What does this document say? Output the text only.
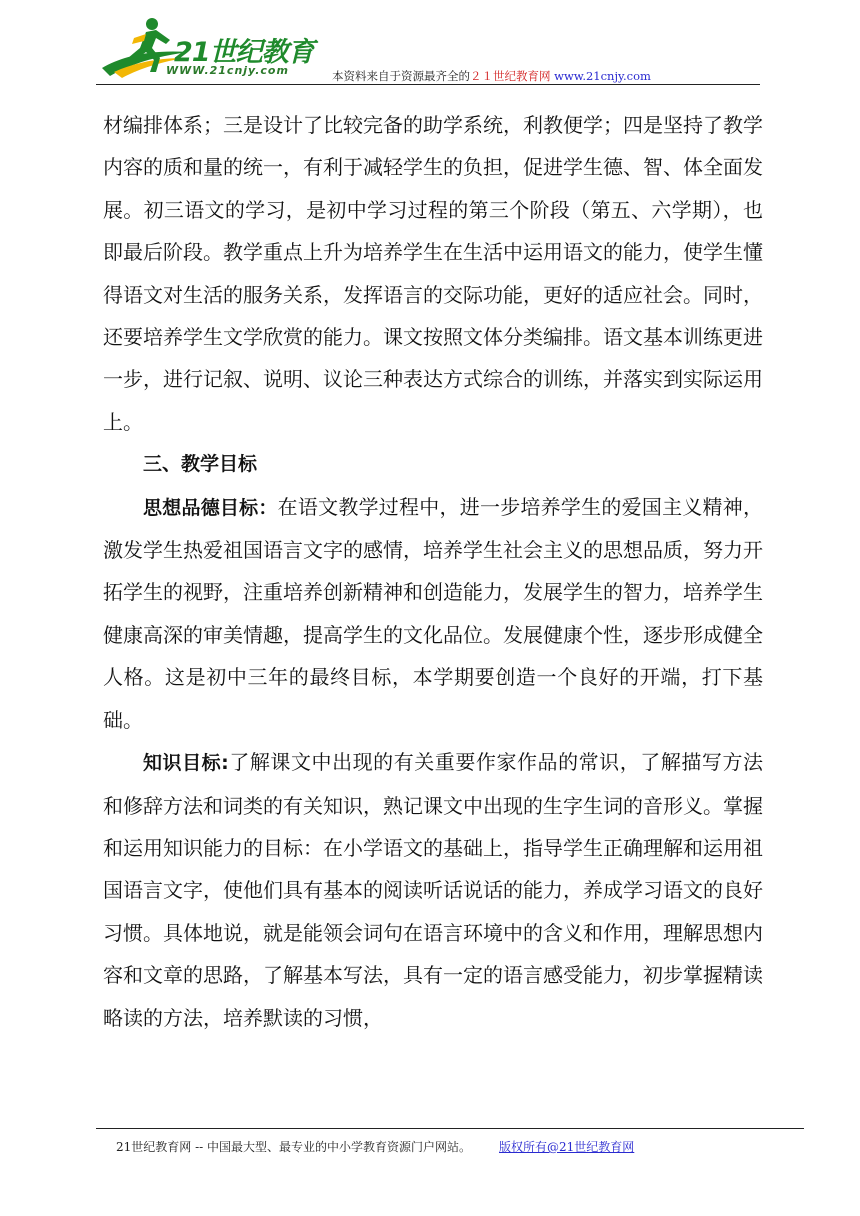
21世纪教育
WWW.21cnjy.com	本资料来自于资源最齐全的２１世纪教育网 www.21cnjy.com

材编排体系；三是设计了比较完备的助学系统，利教便学；四是坚持了教学内容的质和量的统一，有利于减轻学生的负担，促进学生德、智、体全面发展。初三语文的学习，是初中学习过程的第三个阶段（第五、六学期），也即最后阶段。教学重点上升为培养学生在生活中运用语文的能力，使学生懂得语文对生活的服务关系，发挥语言的交际功能，更好的适应社会。同时，还要培养学生文学欣赏的能力。课文按照文体分类编排。语文基本训练更进一步，进行记叙、说明、议论三种表达方式综合的训练，并落实到实际运用上。

三、教学目标

思想品德目标：在语文教学过程中，进一步培养学生的爱国主义精神，激发学生热爱祖国语言文字的感情，培养学生社会主义的思想品质，努力开拓学生的视野，注重培养创新精神和创造能力，发展学生的智力，培养学生健康高深的审美情趣，提高学生的文化品位。发展健康个性，逐步形成健全人格。这是初中三年的最终目标，本学期要创造一个良好的开端，打下基础。

知识目标:了解课文中出现的有关重要作家作品的常识，了解描写方法和修辞方法和词类的有关知识，熟记课文中出现的生字生词的音形义。掌握和运用知识能力的目标：在小学语文的基础上，指导学生正确理解和运用祖国语言文字，使他们具有基本的阅读听话说话的能力，养成学习语文的良好习惯。具体地说，就是能领会词句在语言环境中的含义和作用，理解思想内容和文章的思路，了解基本写法，具有一定的语言感受能力，初步掌握精读略读的方法，培养默读的习惯，

21世纪教育网 -- 中国最大型、最专业的中小学教育资源门户网站。 版权所有@21世纪教育网
